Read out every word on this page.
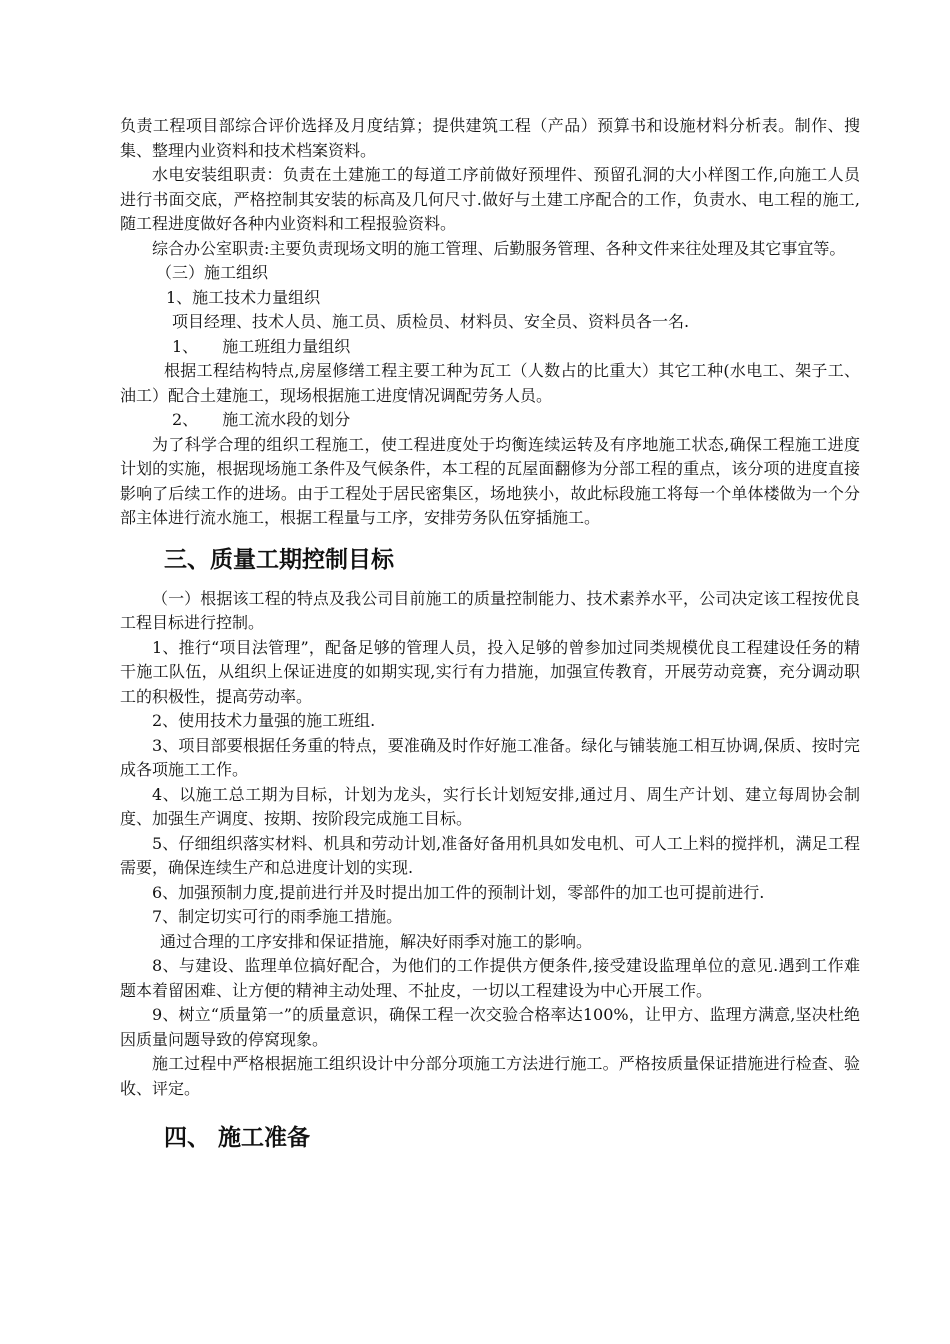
负责工程项目部综合评价选择及月度结算；提供建筑工程（产品）预算书和设施材料分析表。制作、搜集、整理内业资料和技术档案资料。

水电安装组职责：负责在土建施工的每道工序前做好预埋件、预留孔洞的大小样图工作,向施工人员进行书面交底，严格控制其安装的标高及几何尺寸.做好与土建工序配合的工作，负责水、电工程的施工,随工程进度做好各种内业资料和工程报验资料。

综合办公室职责:主要负责现场文明的施工管理、后勤服务管理、各种文件来往处理及其它事宜等。

（三）施工组织

1、施工技术力量组织

项目经理、技术人员、施工员、质检员、材料员、安全员、资料员各一名.

1、 施工班组力量组织

根据工程结构特点,房屋修缮工程主要工种为瓦工（人数占的比重大）其它工种(水电工、架子工、油工）配合土建施工，现场根据施工进度情况调配劳务人员。

2、 施工流水段的划分

为了科学合理的组织工程施工，使工程进度处于均衡连续运转及有序地施工状态,确保工程施工进度计划的实施，根据现场施工条件及气候条件，本工程的瓦屋面翻修为分部工程的重点，该分项的进度直接影响了后续工作的进场。由于工程处于居民密集区，场地狭小，故此标段施工将每一个单体楼做为一个分部主体进行流水施工，根据工程量与工序，安排劳务队伍穿插施工。

三、质量工期控制目标

（一）根据该工程的特点及我公司目前施工的质量控制能力、技术素养水平，公司决定该工程按优良工程目标进行控制。

1、推行“项目法管理”，配备足够的管理人员，投入足够的曾参加过同类规模优良工程建设任务的精干施工队伍，从组织上保证进度的如期实现,实行有力措施，加强宣传教育，开展劳动竞赛，充分调动职工的积极性，提高劳动率。

2、使用技术力量强的施工班组.

3、项目部要根据任务重的特点，要准确及时作好施工准备。绿化与铺装施工相互协调,保质、按时完成各项施工工作。

4、以施工总工期为目标，计划为龙头，实行长计划短安排,通过月、周生产计划、建立每周协会制度、加强生产调度、按期、按阶段完成施工目标。

5、仔细组织落实材料、机具和劳动计划,准备好备用机具如发电机、可人工上料的搅拌机，满足工程需要，确保连续生产和总进度计划的实现.

6、加强预制力度,提前进行并及时提出加工件的预制计划，零部件的加工也可提前进行.

7、制定切实可行的雨季施工措施。

通过合理的工序安排和保证措施，解决好雨季对施工的影响。

8、与建设、监理单位搞好配合，为他们的工作提供方便条件,接受建设监理单位的意见.遇到工作难题本着留困难、让方便的精神主动处理、不扯皮，一切以工程建设为中心开展工作。

9、树立“质量第一”的质量意识，确保工程一次交验合格率达100%，让甲方、监理方满意,坚决杜绝因质量问题导致的停窝现象。

施工过程中严格根据施工组织设计中分部分项施工方法进行施工。严格按质量保证措施进行检查、验收、评定。

四、 施工准备
